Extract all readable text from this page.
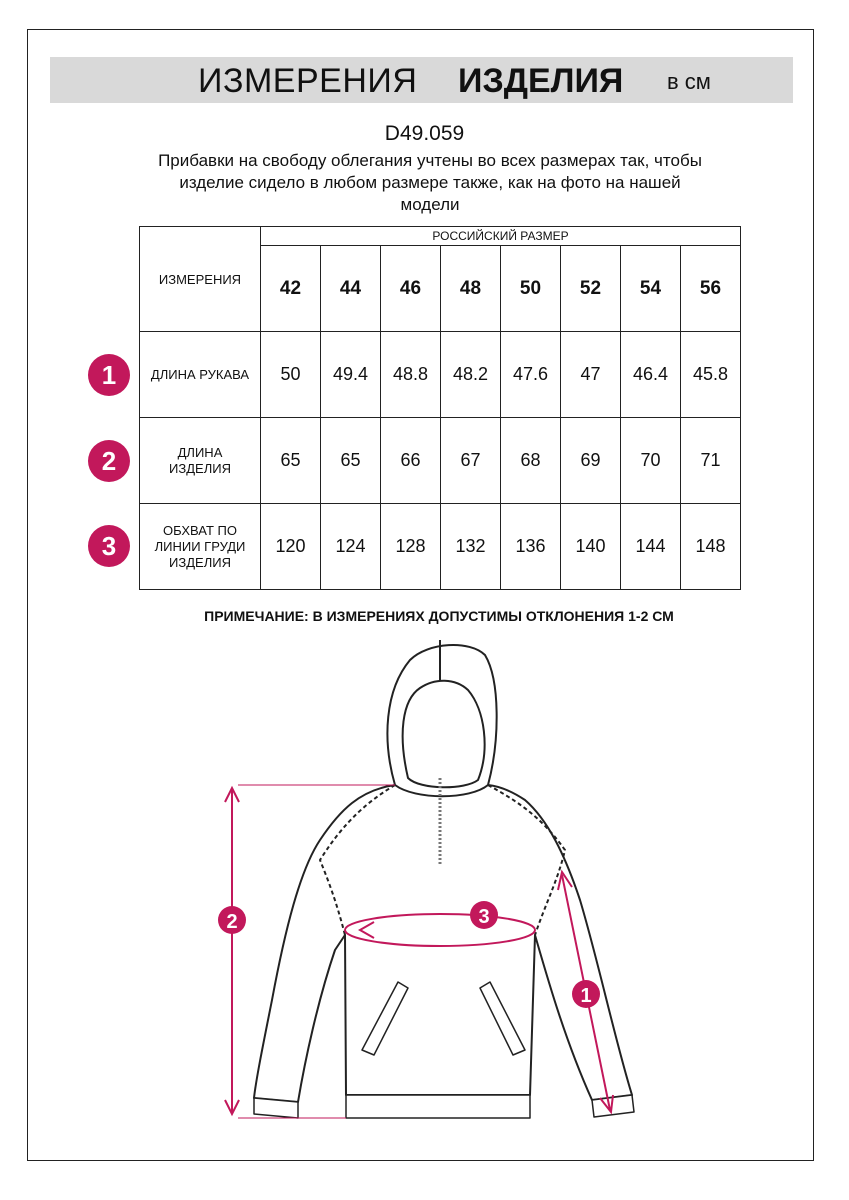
ИЗМЕРЕНИЯ ИЗДЕЛИЯ в см
D49.059
Прибавки на свободу облегания учтены во всех размерах так, чтобы
изделие сидело в любом размере также, как на фото на нашей
модели
ИЗМЕРЕНИЯ	РОССИЙСКИЙ РАЗМЕР							
	42	44	46	48	50	52	54	56

ДЛИНА РУКАВА	50	49.4	48.8	48.2	47.6	47	46.4	45.8

ДЛИНА
ИЗДЕЛИЯ	65	65	66	67	68	69	70	71

ОБХВАТ ПО
ЛИНИИ ГРУДИ
ИЗДЕЛИЯ	120	124	128	132	136	140	144	148
1
2
3
ПРИМЕЧАНИЕ: В ИЗМЕРЕНИЯХ ДОПУСТИМЫ ОТКЛОНЕНИЯ 1-2 СМ
2	3
1
